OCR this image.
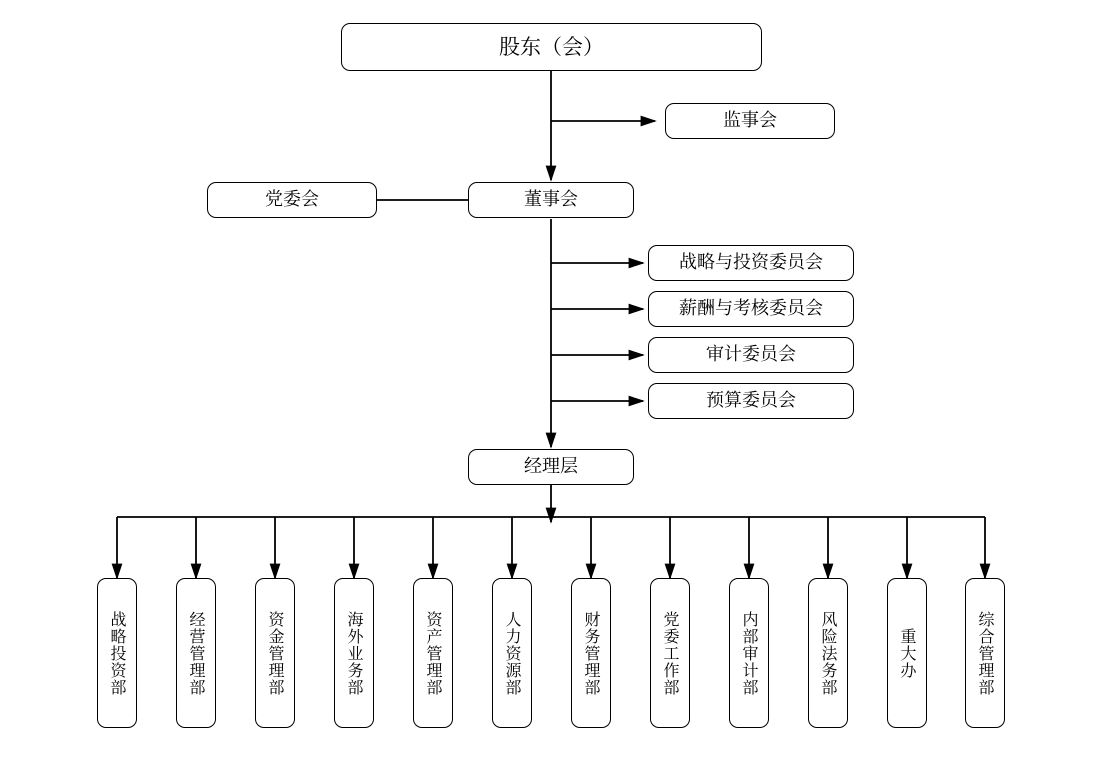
股东（会）
监事会
党委会	董事会
战略与投资委员会
薪酬与考核委员会
审计委员会
预算委员会
经理层
战略投资部	经营管理部	资金管理部	海外业务部	资产管理部	人力资源部	财务管理部	党委工作部	内部审计部	风险法务部	重大办	综合管理部
